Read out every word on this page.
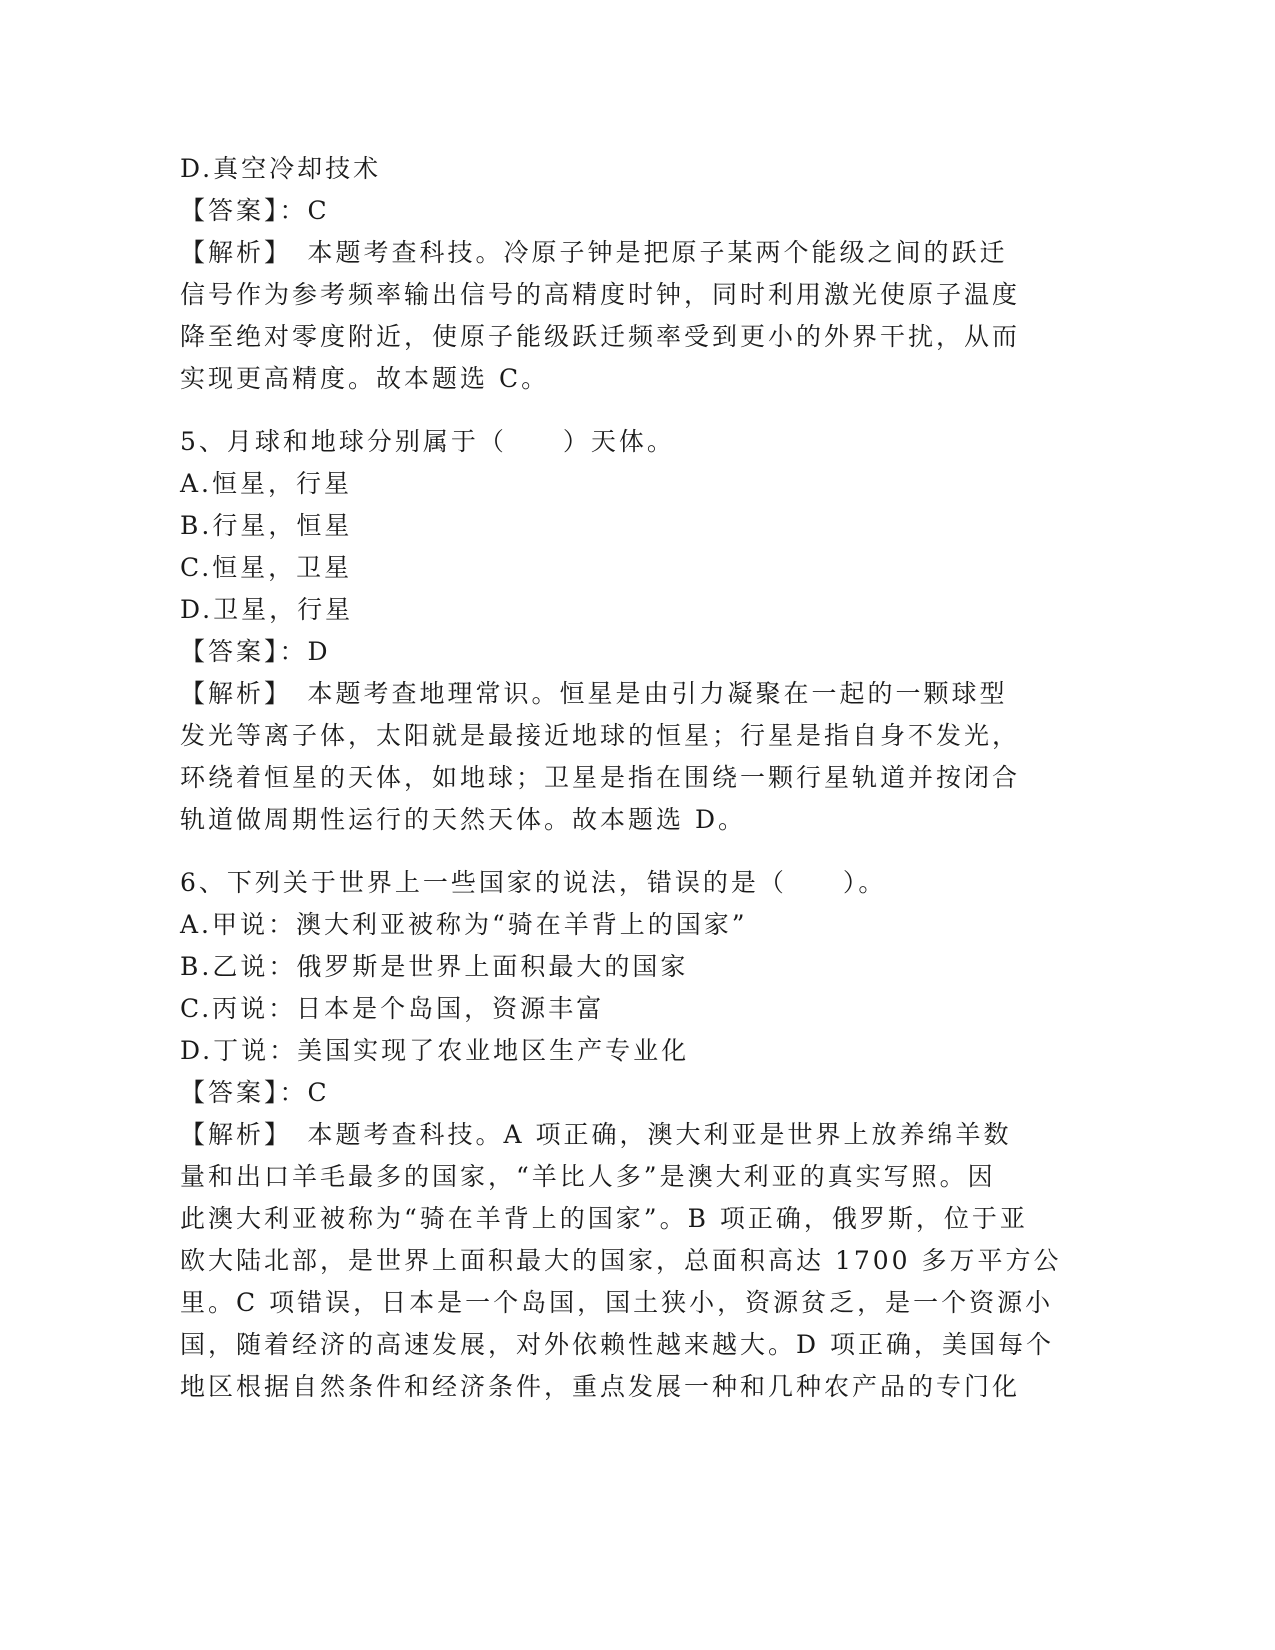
D.真空冷却技术
【答案】：C
【解析】　本题考查科技。冷原子钟是把原子某两个能级之间的跃迁
信号作为参考频率输出信号的高精度时钟，同时利用激光使原子温度
降至绝对零度附近，使原子能级跃迁频率受到更小的外界干扰，从而
实现更高精度。故本题选 C。
5、月球和地球分别属于（　　）天体。
A.恒星，行星
B.行星，恒星
C.恒星，卫星
D.卫星，行星
【答案】：D
【解析】　本题考查地理常识。恒星是由引力凝聚在一起的一颗球型
发光等离子体，太阳就是最接近地球的恒星；行星是指自身不发光，
环绕着恒星的天体，如地球；卫星是指在围绕一颗行星轨道并按闭合
轨道做周期性运行的天然天体。故本题选 D。
6、下列关于世界上一些国家的说法，错误的是（　　）。
A.甲说：澳大利亚被称为“骑在羊背上的国家”
B.乙说：俄罗斯是世界上面积最大的国家
C.丙说：日本是个岛国，资源丰富
D.丁说：美国实现了农业地区生产专业化
【答案】：C
【解析】　本题考查科技。A 项正确，澳大利亚是世界上放养绵羊数
量和出口羊毛最多的国家，“羊比人多”是澳大利亚的真实写照。因
此澳大利亚被称为“骑在羊背上的国家”。B 项正确，俄罗斯，位于亚
欧大陆北部，是世界上面积最大的国家，总面积高达 1700 多万平方公
里。C 项错误，日本是一个岛国，国土狭小，资源贫乏，是一个资源小
国，随着经济的高速发展，对外依赖性越来越大。D 项正确，美国每个
地区根据自然条件和经济条件，重点发展一种和几种农产品的专门化
